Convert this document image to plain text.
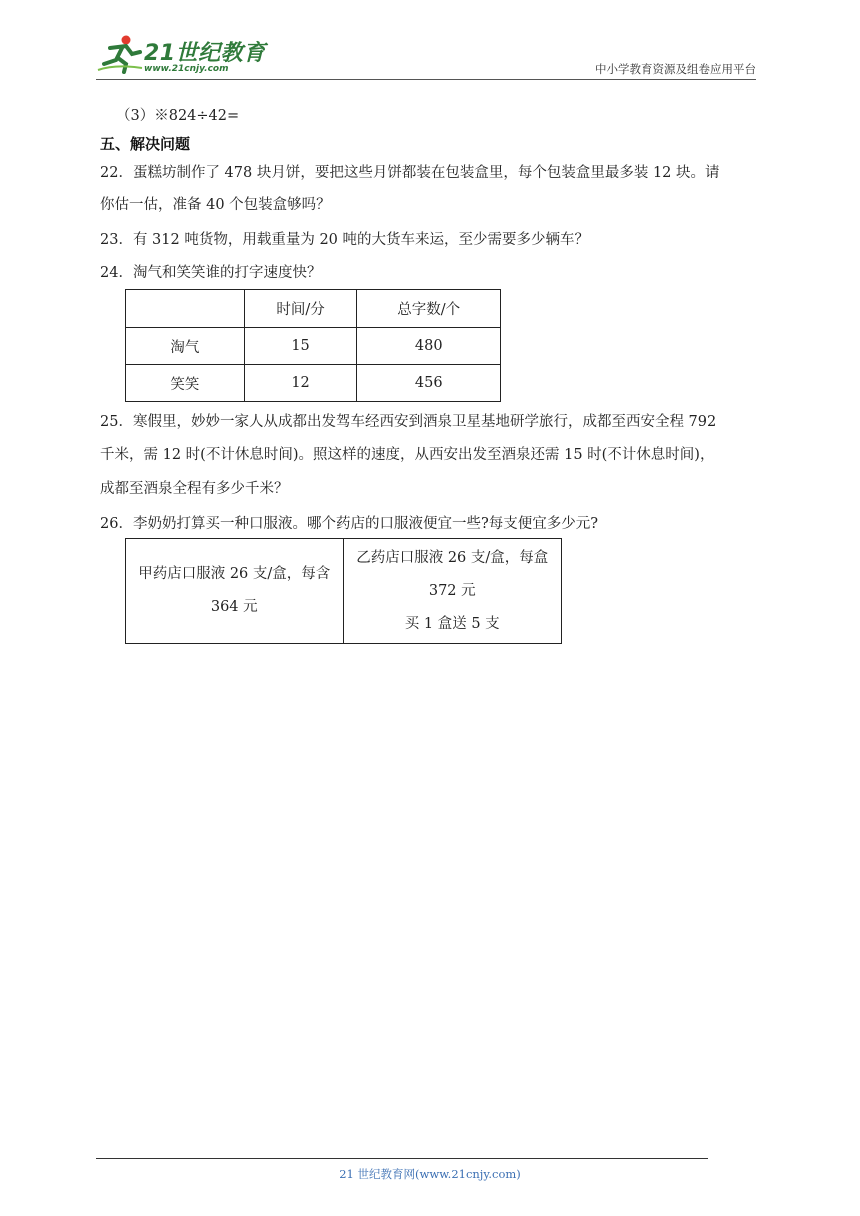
21世纪教育
www.21cnjy.com	中小学教育资源及组卷应用平台
（3）※824÷42=
五、解决问题
22．蛋糕坊制作了 478 块月饼，要把这些月饼都装在包装盒里，每个包装盒里最多装 12 块。请
你估一估，准备 40 个包装盒够吗？
23．有 312 吨货物，用载重量为 20 吨的大货车来运，至少需要多少辆车？
24．淘气和笑笑谁的打字速度快？
	时间/分	总字数/个
淘气	15	480
笑笑	12	456
25．寒假里，妙妙一家人从成都出发驾车经西安到酒泉卫星基地研学旅行，成都至西安全程 792
千米，需 12 时(不计休息时间)。照这样的速度，从西安出发至酒泉还需 15 时(不计休息时间)，
成都至酒泉全程有多少千米？
26．李奶奶打算买一种口服液。哪个药店的口服液便宜一些?每支便宜多少元?
甲药店口服液 26 支/盒，每含
364 元

乙药店口服液 26 支/盒，每盒
372 元
买 1 盒送 5 支
21 世纪教育网(www.21cnjy.com)
